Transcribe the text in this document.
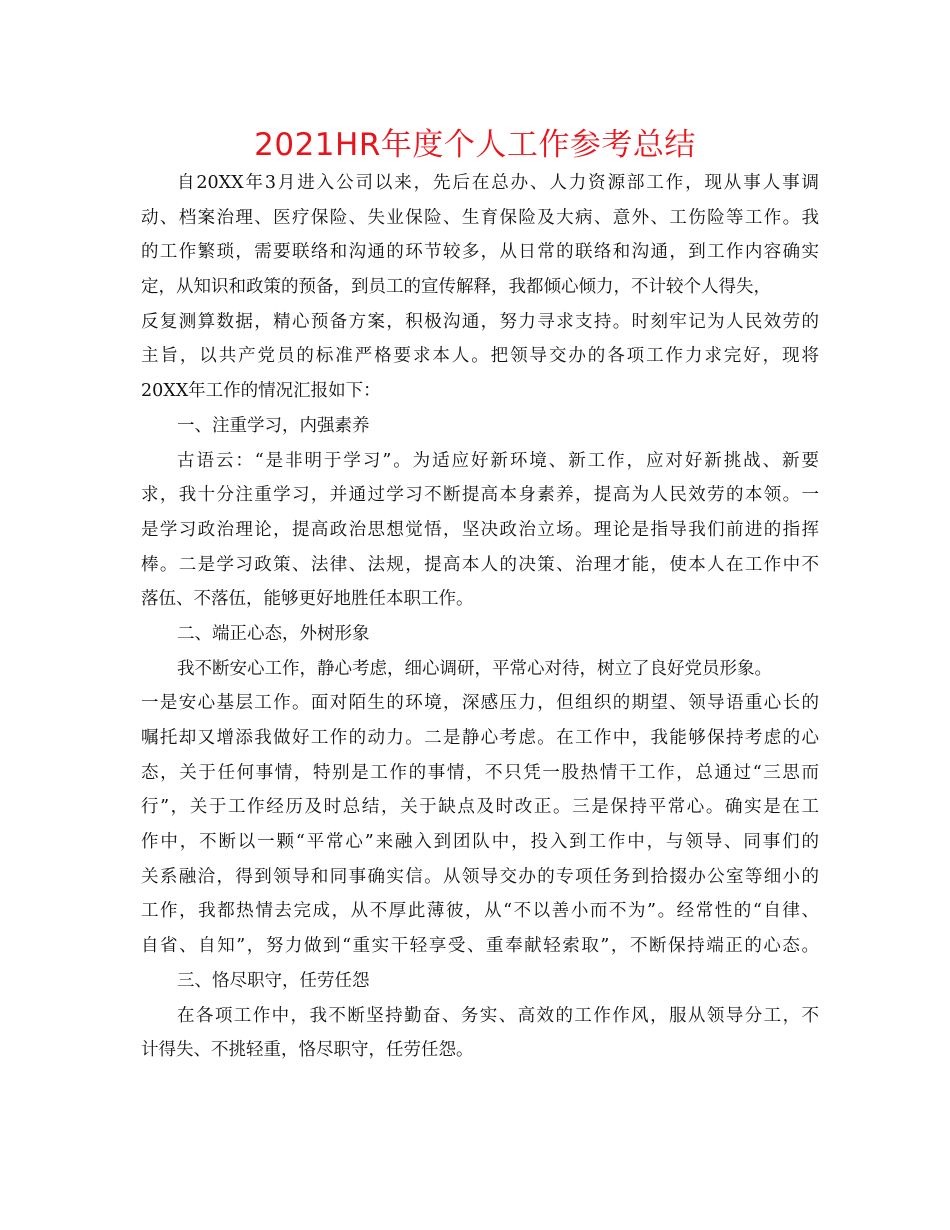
2021HR年度个人工作参考总结
自20XX年3月进入公司以来，先后在总办、人力资源部工作，现从事人事调
动、档案治理、医疗保险、失业保险、生育保险及大病、意外、工伤险等工作。我
的工作繁琐，需要联络和沟通的环节较多，从日常的联络和沟通，到工作内容确实
定，从知识和政策的预备，到员工的宣传解释，我都倾心倾力，不计较个人得失，
反复测算数据，精心预备方案，积极沟通，努力寻求支持。时刻牢记为人民效劳的
主旨，以共产党员的标准严格要求本人。把领导交办的各项工作力求完好，现将
20XX年工作的情况汇报如下：
一、注重学习，内强素养
古语云：“是非明于学习”。为适应好新环境、新工作，应对好新挑战、新要
求，我十分注重学习，并通过学习不断提高本身素养，提高为人民效劳的本领。一
是学习政治理论，提高政治思想觉悟，坚决政治立场。理论是指导我们前进的指挥
棒。二是学习政策、法律、法规，提高本人的决策、治理才能，使本人在工作中不
落伍、不落伍，能够更好地胜任本职工作。
二、端正心态，外树形象
我不断安心工作，静心考虑，细心调研，平常心对待，树立了良好党员形象。
一是安心基层工作。面对陌生的环境，深感压力，但组织的期望、领导语重心长的
嘱托却又增添我做好工作的动力。二是静心考虑。在工作中，我能够保持考虑的心
态，关于任何事情，特别是工作的事情，不只凭一股热情干工作，总通过“三思而
行”，关于工作经历及时总结，关于缺点及时改正。三是保持平常心。确实是在工
作中，不断以一颗“平常心”来融入到团队中，投入到工作中，与领导、同事们的
关系融洽，得到领导和同事确实信。从领导交办的专项任务到拾掇办公室等细小的
工作，我都热情去完成，从不厚此薄彼，从“不以善小而不为”。经常性的“自律、
自省、自知”，努力做到“重实干轻享受、重奉献轻索取”，不断保持端正的心态。
三、恪尽职守，任劳任怨
在各项工作中，我不断坚持勤奋、务实、高效的工作作风，服从领导分工，不
计得失、不挑轻重，恪尽职守，任劳任怨。
